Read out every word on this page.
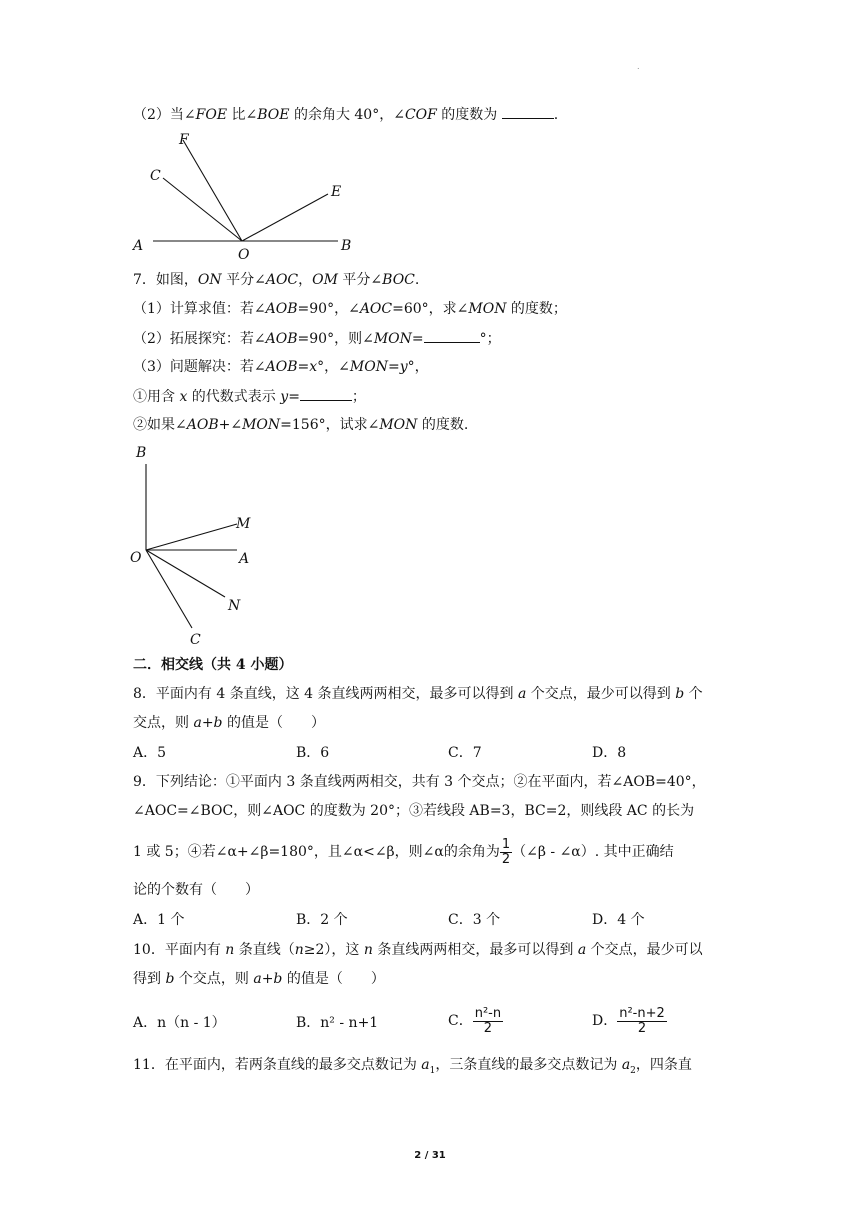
.
（2）当∠FOE 比∠BOE 的余角大 40°，∠COF 的度数为	.
F
C
E
A
O
B
7．如图，ON 平分∠AOC，OM 平分∠BOC.
（1）计算求值：若∠AOB=90°，∠AOC=60°，求∠MON 的度数；
（2）拓展探究：若∠AOB=90°，则∠MON=	°；
（3）问题解决：若∠AOB=x°，∠MON=y°，
①用含 x 的代数式表示 y=	；
②如果∠AOB+∠MON=156°，试求∠MON 的度数.
B
M
O	A
N
C
二．相交线（共 4 小题）
8．平面内有 4 条直线，这 4 条直线两两相交，最多可以得到 a 个交点，最少可以得到 b 个
交点，则 a+b 的值是（　　）
A．5	B．6	C．7	D．8
9．下列结论：①平面内 3 条直线两两相交，共有 3 个交点；②在平面内，若∠AOB=40°，
∠AOC=∠BOC，则∠AOC 的度数为 20°；③若线段 AB=3，BC=2，则线段 AC 的长为
1 或 5；④若∠α+∠β=180°，且∠α<∠β，则∠α的余角为 $\frac{1}{2}$ （∠β - ∠α）. 其中正确结
论的个数有（　　）
A．1 个	B．2 个	C．3 个	D．4 个
10．平面内有 n 条直线（n≥2），这 n 条直线两两相交，最多可以得到 a 个交点，最少可以
得到 b 个交点，则 a+b 的值是（　　）
A．n（n - 1）	B．n² - n+1	C． $\frac{\text{n²-n}}{2}$	D． $\frac{\text{n²-n+2}}{2}$
11．在平面内，若两条直线的最多交点数记为 $a_1$，三条直线的最多交点数记为 $a_2$，四条直
2 / 31
